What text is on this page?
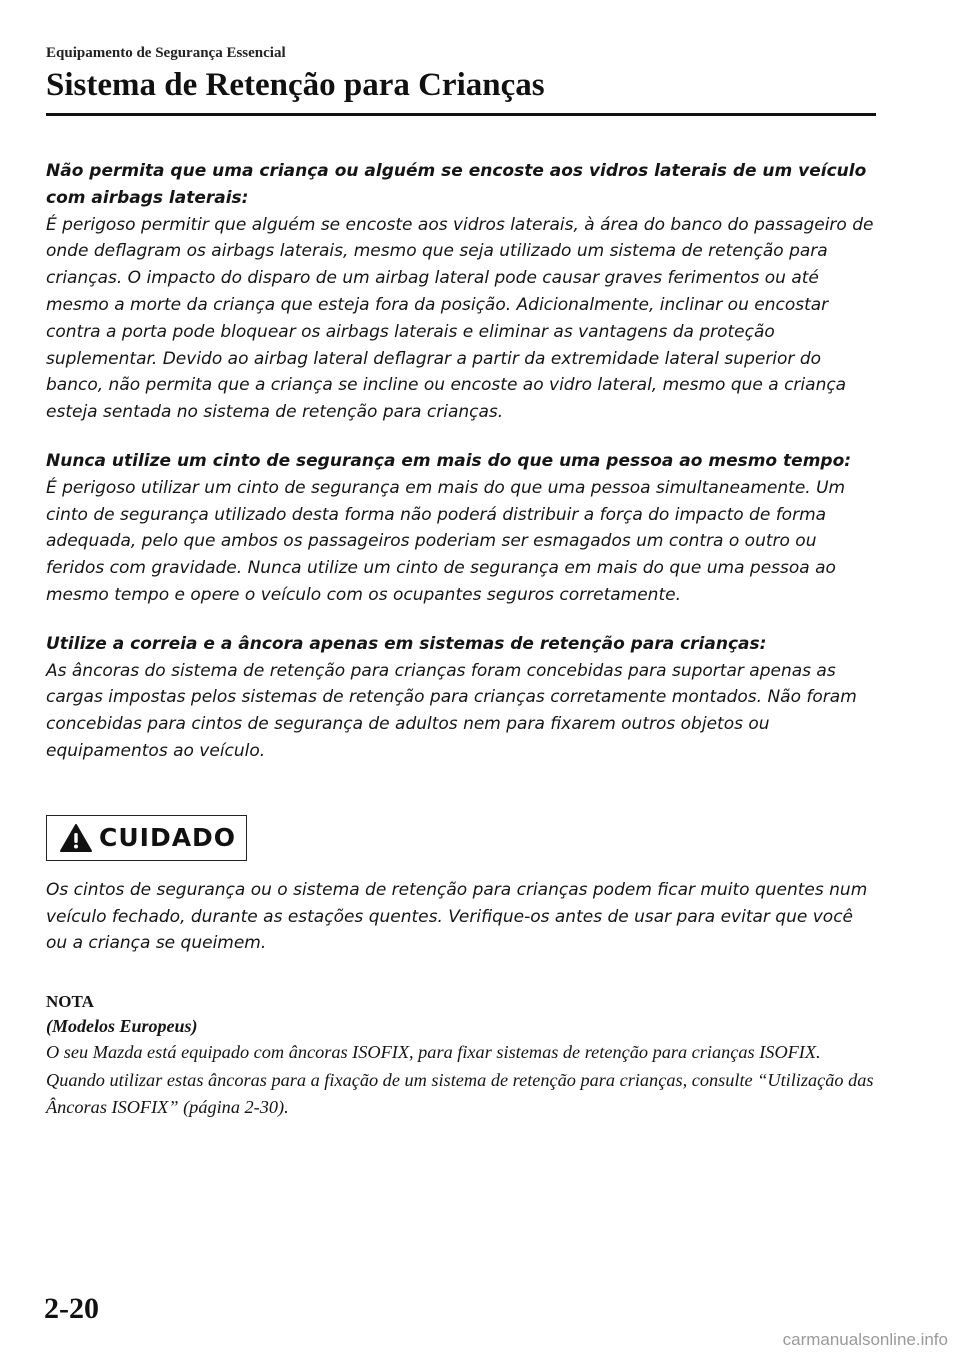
Equipamento de Segurança Essencial
Sistema de Retenção para Crianças

Não permita que uma criança ou alguém se encoste aos vidros laterais de um veículo com airbags laterais:

É perigoso permitir que alguém se encoste aos vidros laterais, à área do banco do passageiro de onde deflagram os airbags laterais, mesmo que seja utilizado um sistema de retenção para crianças. O impacto do disparo de um airbag lateral pode causar graves ferimentos ou até mesmo a morte da criança que esteja fora da posição. Adicionalmente, inclinar ou encostar contra a porta pode bloquear os airbags laterais e eliminar as vantagens da proteção suplementar. Devido ao airbag lateral deflagrar a partir da extremidade lateral superior do banco, não permita que a criança se incline ou encoste ao vidro lateral, mesmo que a criança esteja sentada no sistema de retenção para crianças.

Nunca utilize um cinto de segurança em mais do que uma pessoa ao mesmo tempo:

É perigoso utilizar um cinto de segurança em mais do que uma pessoa simultaneamente. Um cinto de segurança utilizado desta forma não poderá distribuir a força do impacto de forma adequada, pelo que ambos os passageiros poderiam ser esmagados um contra o outro ou feridos com gravidade. Nunca utilize um cinto de segurança em mais do que uma pessoa ao mesmo tempo e opere o veículo com os ocupantes seguros corretamente.

Utilize a correia e a âncora apenas em sistemas de retenção para crianças:

As âncoras do sistema de retenção para crianças foram concebidas para suportar apenas as cargas impostas pelos sistemas de retenção para crianças corretamente montados. Não foram concebidas para cintos de segurança de adultos nem para fixarem outros objetos ou equipamentos ao veículo.

CUIDADO

Os cintos de segurança ou o sistema de retenção para crianças podem ficar muito quentes num veículo fechado, durante as estações quentes. Verifique-os antes de usar para evitar que você ou a criança se queimem.

NOTA

(Modelos Europeus)

O seu Mazda está equipado com âncoras ISOFIX, para fixar sistemas de retenção para crianças ISOFIX. Quando utilizar estas âncoras para a fixação de um sistema de retenção para crianças, consulte “Utilização das Âncoras ISOFIX” (página 2-30).

2-20
carmanualsonline.info
